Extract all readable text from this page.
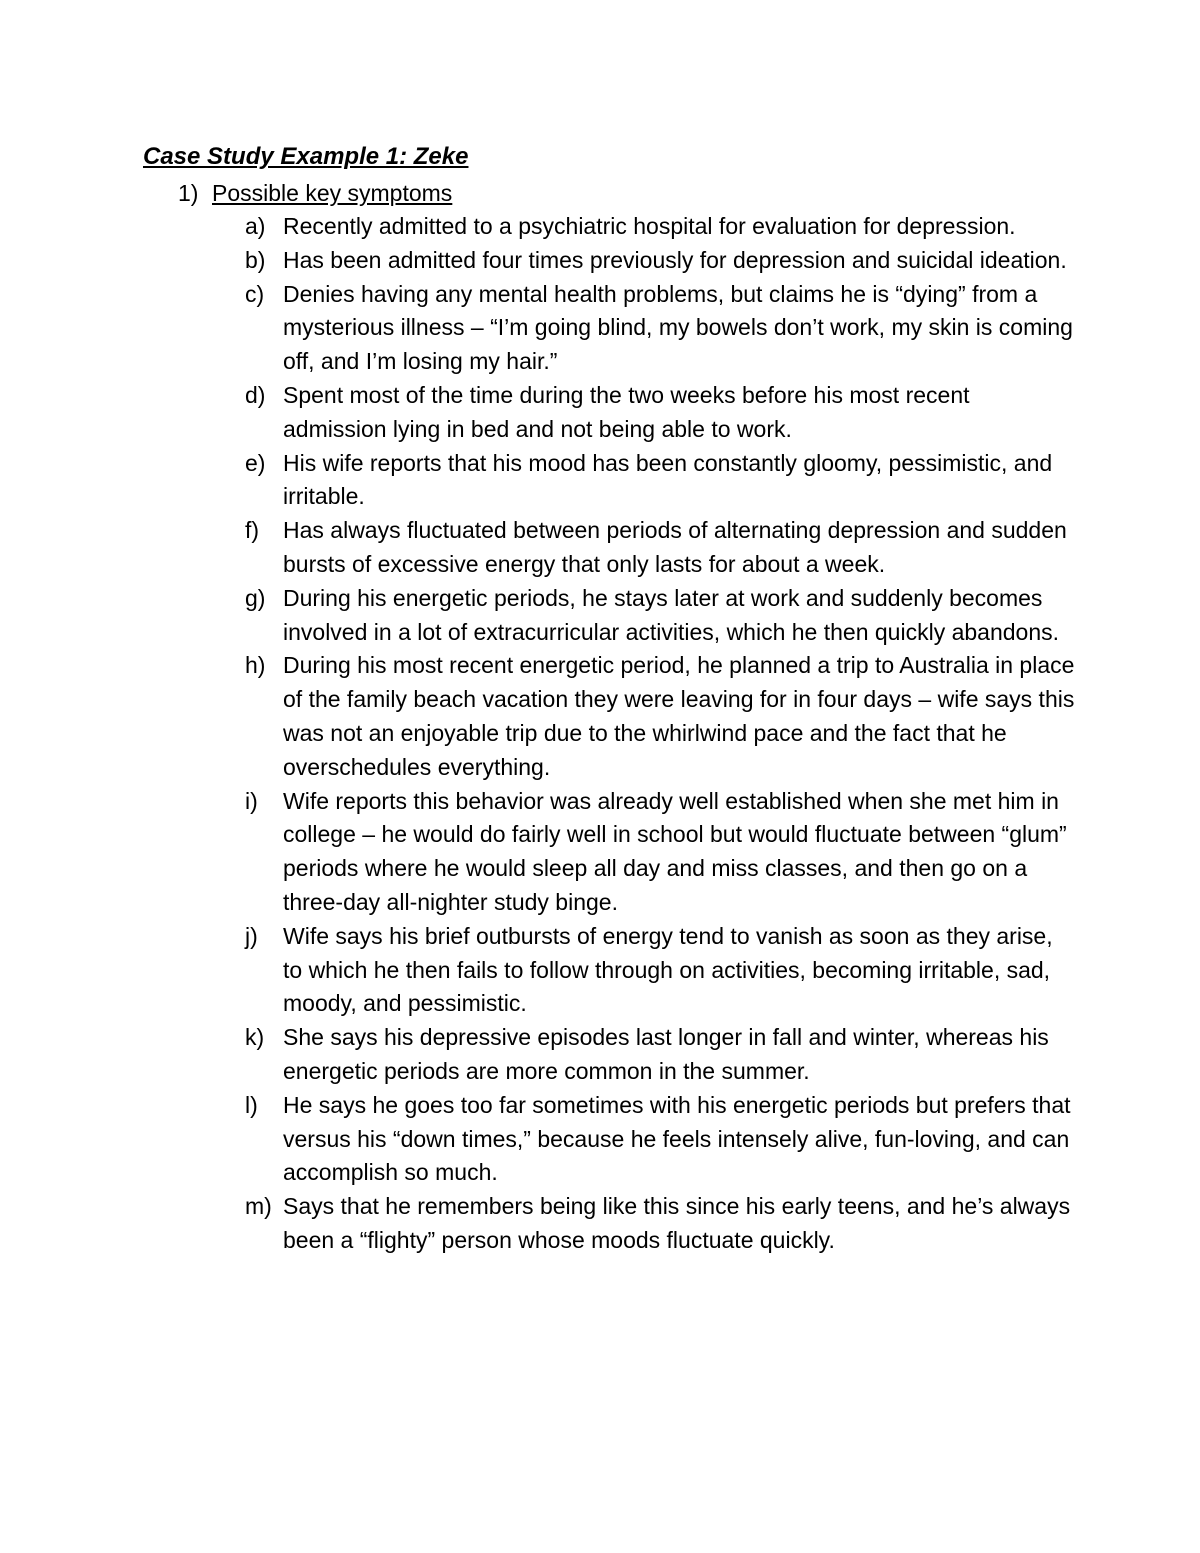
Case Study Example 1: Zeke
1) Possible key symptoms
a) Recently admitted to a psychiatric hospital for evaluation for depression.
b) Has been admitted four times previously for depression and suicidal ideation.
c) Denies having any mental health problems, but claims he is “dying” from a mysterious illness – “I’m going blind, my bowels don’t work, my skin is coming off, and I’m losing my hair.”
d) Spent most of the time during the two weeks before his most recent admission lying in bed and not being able to work.
e) His wife reports that his mood has been constantly gloomy, pessimistic, and irritable.
f)	Has always fluctuated between periods of alternating depression and sudden bursts of excessive energy that only lasts for about a week.
g) During his energetic periods, he stays later at work and suddenly becomes involved in a lot of extracurricular activities, which he then quickly abandons.
h) During his most recent energetic period, he planned a trip to Australia in place of the family beach vacation they were leaving for in four days – wife says this was not an enjoyable trip due to the whirlwind pace and the fact that he overschedules everything.
i)	Wife reports this behavior was already well established when she met him in college – he would do fairly well in school but would fluctuate between “glum” periods where he would sleep all day and miss classes, and then go on a three-day all-nighter study binge.
j)	Wife says his brief outbursts of energy tend to vanish as soon as they arise, to which he then fails to follow through on activities, becoming irritable, sad, moody, and pessimistic.
k) She says his depressive episodes last longer in fall and winter, whereas his energetic periods are more common in the summer.
l)	He says he goes too far sometimes with his energetic periods but prefers that versus his “down times,” because he feels intensely alive, fun-loving, and can accomplish so much.
m) Says that he remembers being like this since his early teens, and he’s always been a “flighty” person whose moods fluctuate quickly.
